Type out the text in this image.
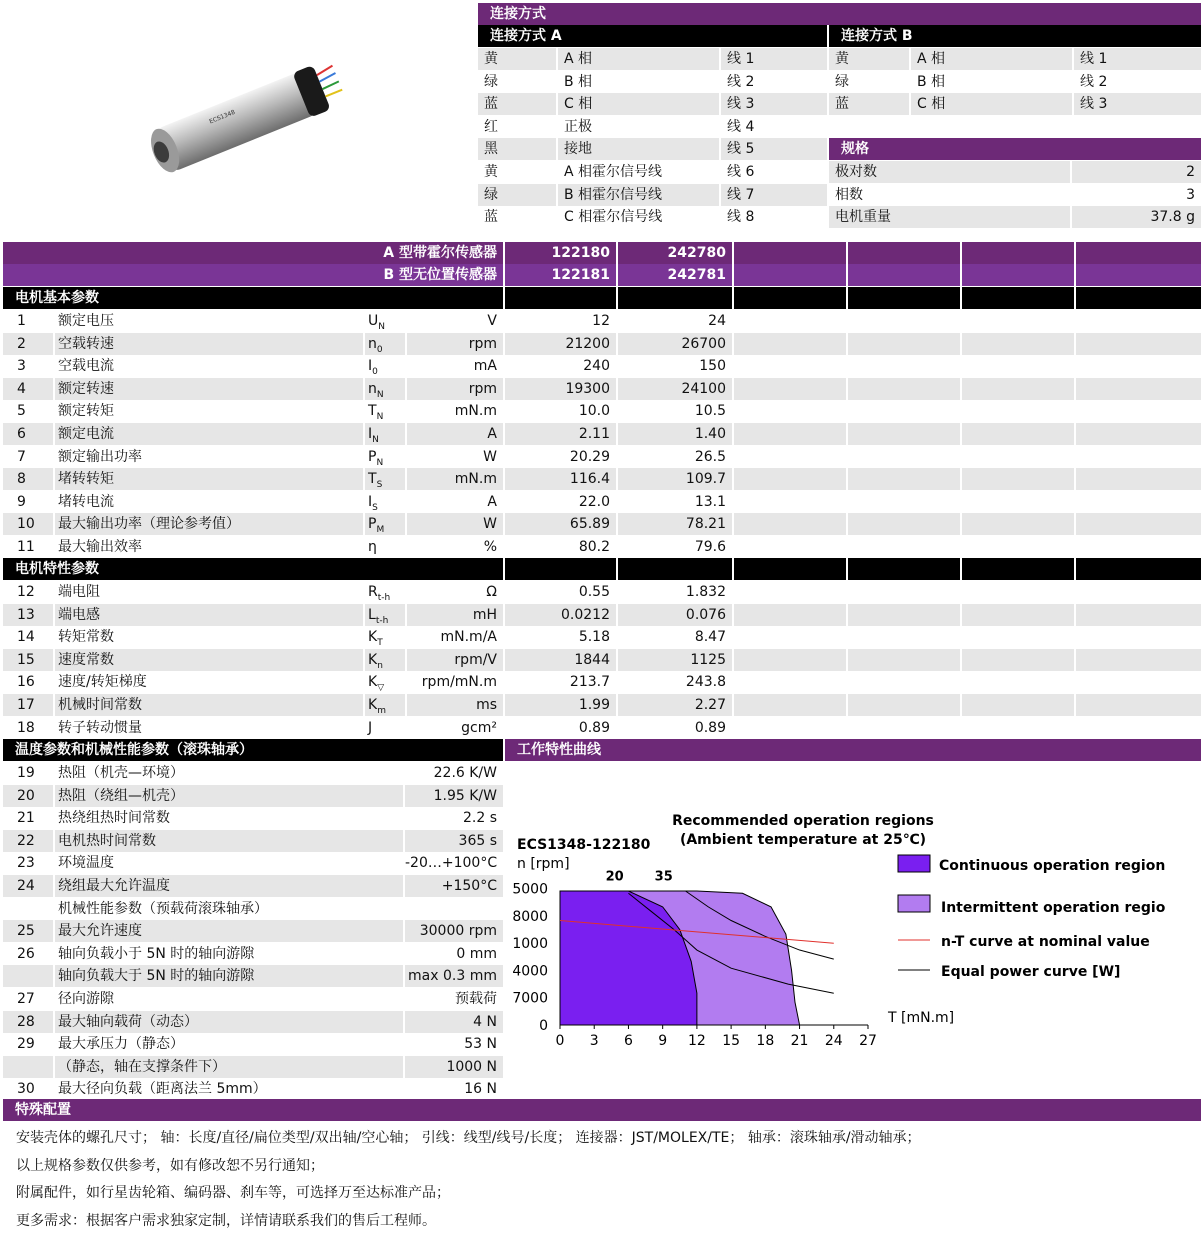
ECS1348
连接方式
连接方式 A	连接方式 B
规格
电机基本参数
电机特性参数
温度参数和机械性能参数（滚珠轴承）	工作特性曲线
20 35
0 3 6 9 12 15 18 21 24 27
5000
8000
1000
4000
7000
0
ECS1348-122180
n [rpm]
Recommended operation regions
(Ambient temperature at 25℃)
T [mN.m]
Continuous operation region
Intermittent operation regio
n-T curve at nominal value
Equal power curve [W]
特殊配置
黄	A 相	线 1
绿	B 相	线 2
蓝	C 相	线 3
红	正极	线 4
黑	接地	线 5
黄	A 相霍尔信号线	线 6
绿	B 相霍尔信号线	线 7
蓝	C 相霍尔信号线	线 8
黄	A 相	线 1
绿	B 相	线 2
蓝	C 相	线 3
极对数	2
相数	3
电机重量	37.8 g
A 型带霍尔传感器	122180	242780
B 型无位置传感器	122181	242781
1	额定电压	$U_N$	V	12	24
2	空载转速	$n_0$	rpm	21200	26700
3	空载电流	$I_0$	mA	240	150
4	额定转速	$n_N$	rpm	19300	24100
5	额定转矩	$T_N$	mN.m	10.0	10.5
6	额定电流	$I_N$	A	2.11	1.40
7	额定输出功率	$P_N$	W	20.29	26.5
8	堵转转矩	$T_S$	mN.m	116.4	109.7
9	堵转电流	$I_S$	A	22.0	13.1
10	最大输出功率（理论参考值）	$P_M$	W	65.89	78.21
11	最大输出效率	η	%	80.2	79.6
12	端电阻	$R_{t-h}$	Ω	0.55	1.832
13	端电感	$L_{t-h}$	mH	0.0212	0.076
14	转矩常数	$K_T$	mN.m/A	5.18	8.47
15	速度常数	$K_n$	rpm/V	1844	1125
16	速度/转矩梯度	$K_▽$	rpm/mN.m	213.7	243.8
17	机械时间常数	$K_m$	ms	1.99	2.27
18	转子转动惯量	J	gcm²	0.89	0.89
19	热阻（机壳—环境）	22.6 K/W
20	热阻（绕组—机壳）	1.95 K/W
21	热绕组热时间常数	2.2 s
22	电机热时间常数	365 s
23	环境温度	-20…+100°C
24	绕组最大允许温度	+150°C
机械性能参数（预载荷滚珠轴承）
25	最大允许速度	30000 rpm
26	轴向负载小于 5N 时的轴向游隙	0 mm
轴向负载大于 5N 时的轴向游隙	max 0.3 mm
27	径向游隙	预载荷
28	最大轴向载荷（动态）	4 N
29	最大承压力（静态）	53 N
（静态，轴在支撑条件下）	1000 N
30	最大径向负载（距离法兰 5mm）	16 N
安装壳体的螺孔尺寸； 轴：长度/直径/扁位类型/双出轴/空心轴； 引线：线型/线号/长度； 连接器：JST/MOLEX/TE； 轴承：滚珠轴承/滑动轴承；
以上规格参数仅供参考，如有修改恕不另行通知；
附属配件，如行星齿轮箱、编码器、刹车等，可选择万至达标准产品；
更多需求：根据客户需求独家定制，详情请联系我们的售后工程师。
